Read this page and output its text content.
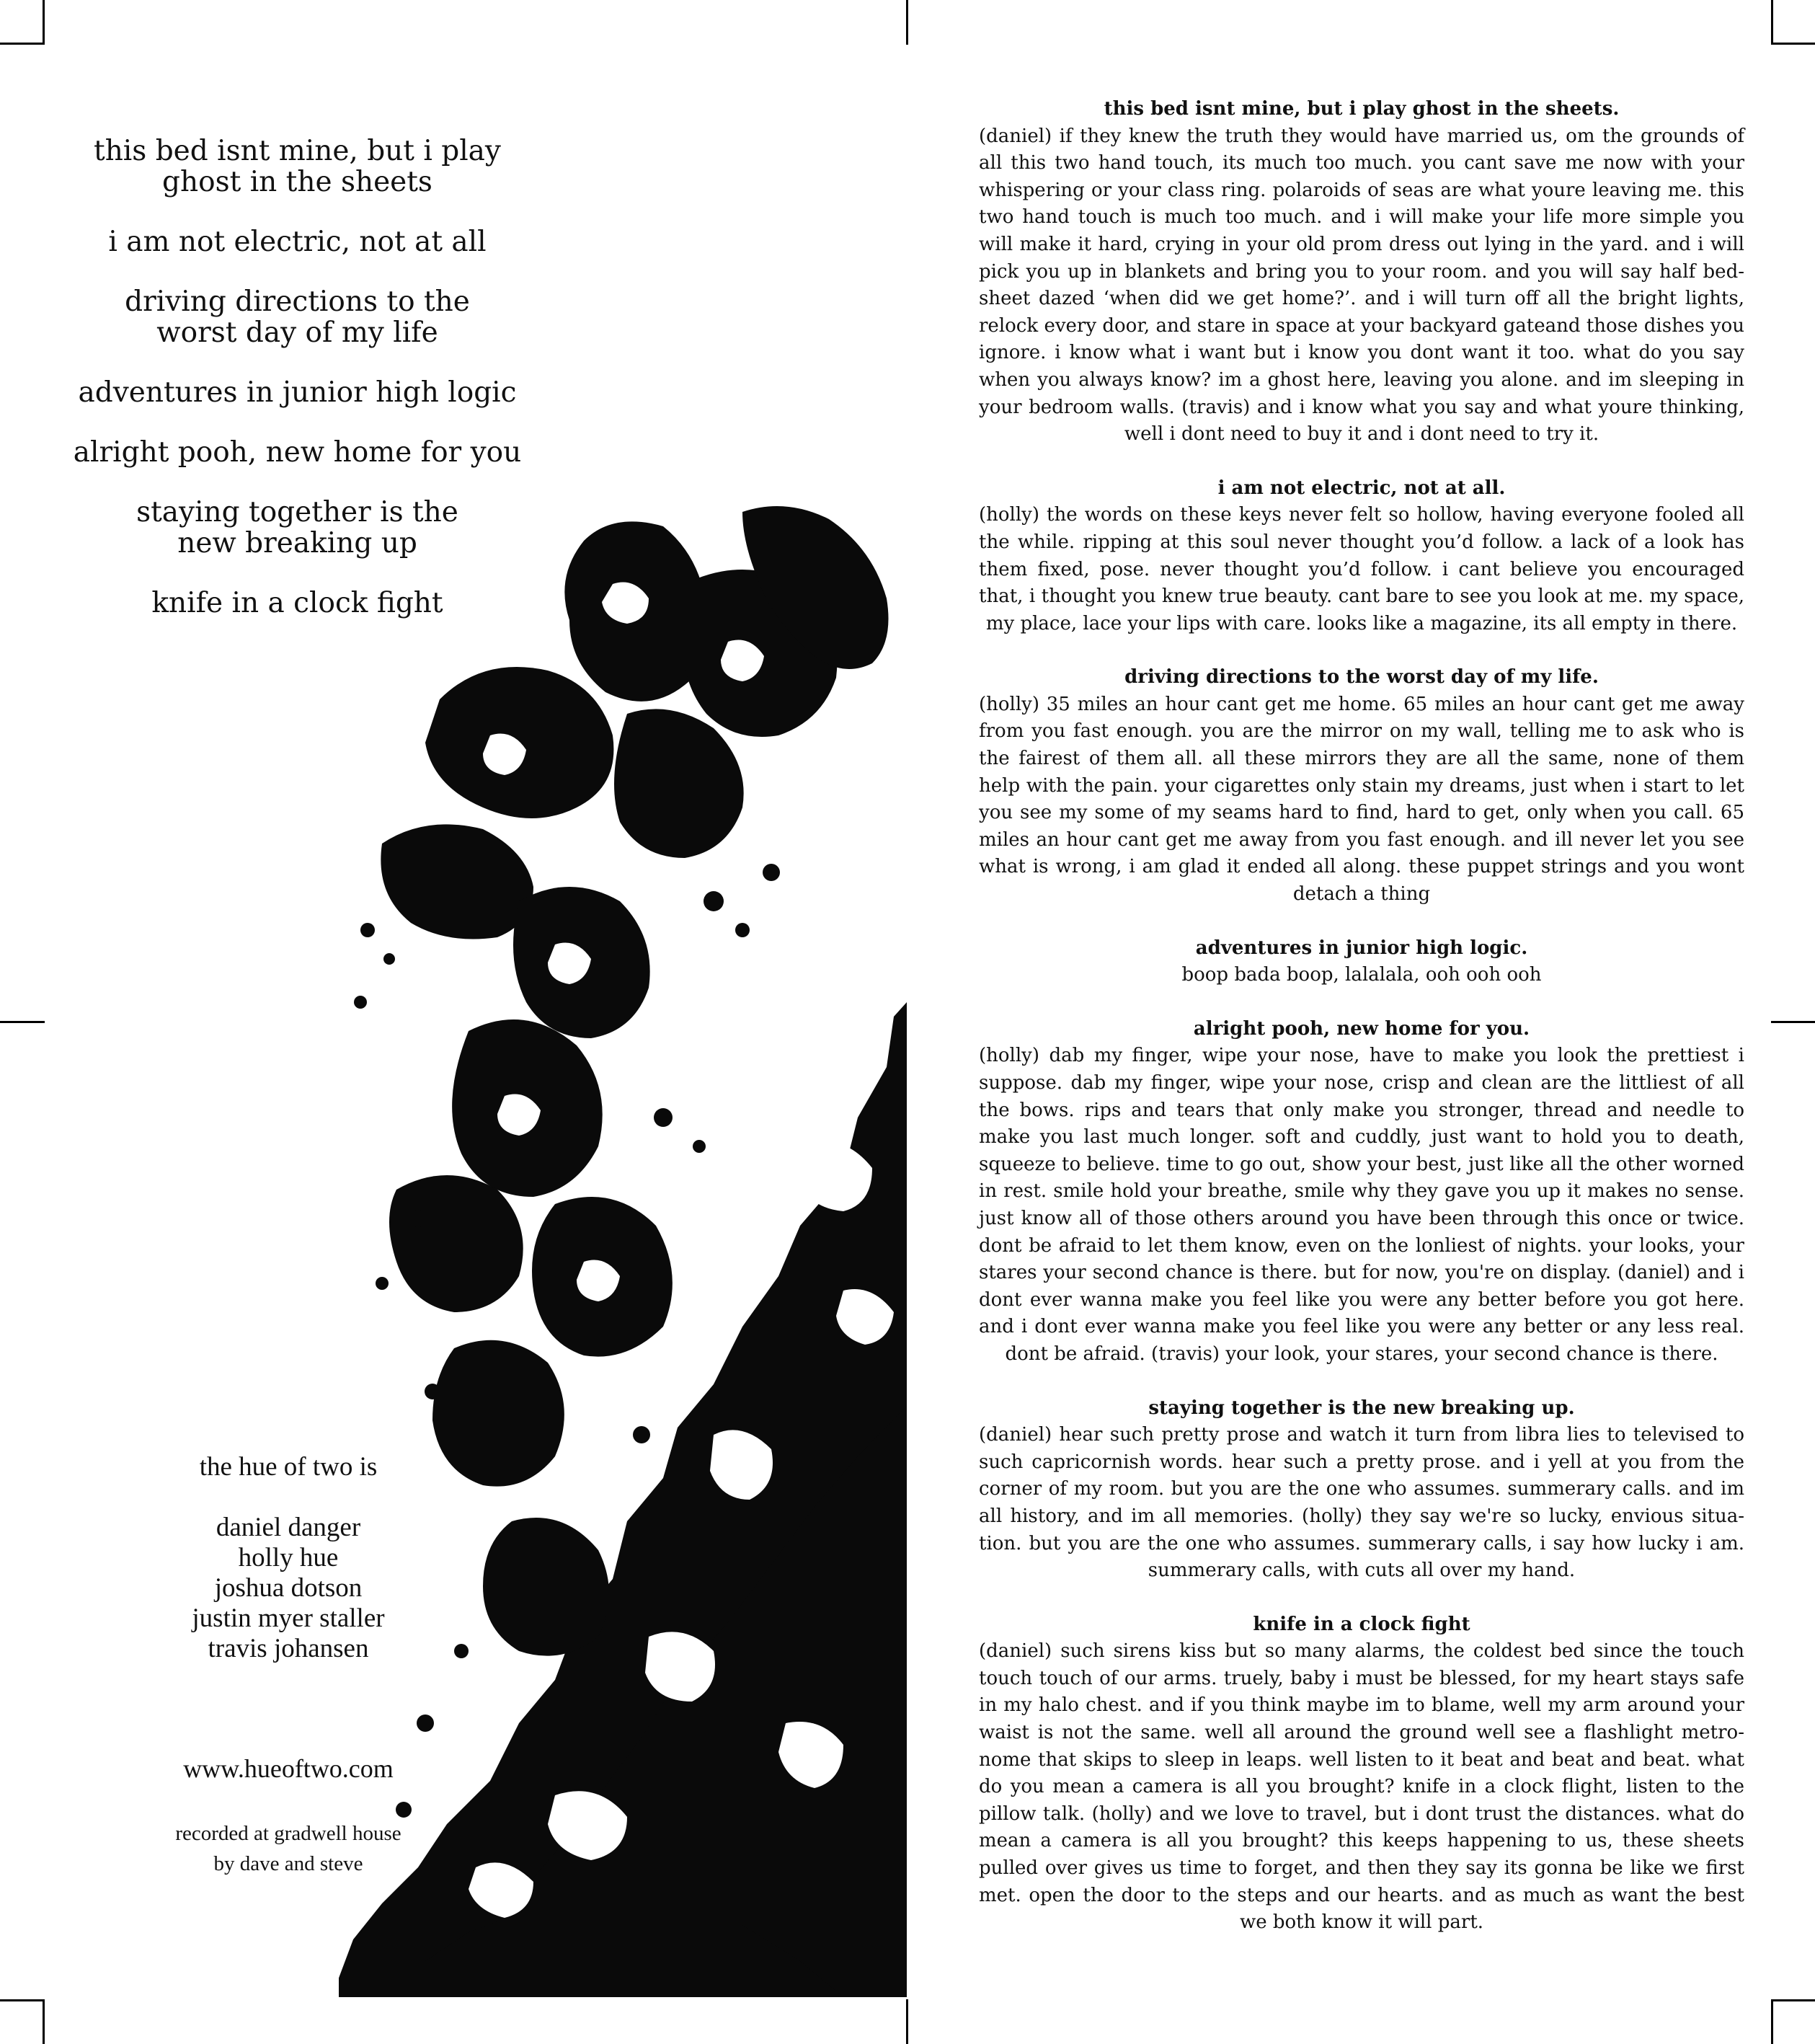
this bed isnt mine, but i play
ghost in the sheets
i am not electric, not at all
driving directions to the
worst day of my life
adventures in junior high logic
alright pooh, new home for you
staying together is the
new breaking up
knife in a clock fight
the hue of two is
daniel danger
holly hue
joshua dotson
justin myer staller
travis johansen
www.hueoftwo.com
recorded at gradwell house
by dave and steve
this bed isnt mine, but i play ghost in the sheets.
(daniel) if they knew the truth they would have married us, om the grounds of all this two hand touch, its much too much. you cant save me now with your whispering or your class ring. polaroids of seas are what youre leaving me. this two hand touch is much too much. and i will make your life more simple you will make it hard, crying in your old prom dress out lying in the yard. and i will pick you up in blankets and bring you to your room. and you will say half bed-sheet dazed ‘when did we get home?’. and i will turn off all the bright lights, relock every door, and stare in space at your backyard gateand those dishes you ignore. i know what i want but i know you dont want it too. what do you say when you always know? im a ghost here, leaving you alone. and im sleeping in your bedroom walls. (travis) and i know what you say and what youre thinking, well i dont need to buy it and i dont need to try it.
i am not electric, not at all.
(holly) the words on these keys never felt so hollow, having everyone fooled all the while. ripping at this soul never thought you’d follow. a lack of a look has them fixed, pose. never thought you’d follow. i cant believe you encouraged that, i thought you knew true beauty. cant bare to see you look at me. my space, my place, lace your lips with care. looks like a magazine, its all empty in there.
driving directions to the worst day of my life.
(holly) 35 miles an hour cant get me home. 65 miles an hour cant get me away from you fast enough. you are the mirror on my wall, telling me to ask who is the fairest of them all. all these mirrors they are all the same, none of them help with the pain. your cigarettes only stain my dreams, just when i start to let you see my some of my seams hard to find, hard to get, only when you call. 65 miles an hour cant get me away from you fast enough. and ill never let you see what is wrong, i am glad it ended all along. these puppet strings and you wont detach a thing
adventures in junior high logic.
boop bada boop, lalalala, ooh ooh ooh
alright pooh, new home for you.
(holly) dab my finger, wipe your nose, have to make you look the prettiest i suppose. dab my finger, wipe your nose, crisp and clean are the littliest of all the bows. rips and tears that only make you stronger, thread and needle to make you last much longer. soft and cuddly, just want to hold you to death, squeeze to believe. time to go out, show your best, just like all the other worned in rest. smile hold your breathe, smile why they gave you up it makes no sense. just know all of those others around you have been through this once or twice. dont be afraid to let them know, even on the lonliest of nights. your looks, your stares your second chance is there. but for now, you're on display. (daniel) and i dont ever wanna make you feel like you were any better before you got here. and i dont ever wanna make you feel like you were any better or any less real. dont be afraid. (travis) your look, your stares, your second chance is there.
staying together is the new breaking up.
(daniel) hear such pretty prose and watch it turn from libra lies to televised to such capricornish words. hear such a pretty prose. and i yell at you from the corner of my room. but you are the one who assumes. summerary calls. and im all history, and im all memories. (holly) they say we're so lucky, envious situa-tion. but you are the one who assumes. summerary calls, i say how lucky i am. summerary calls, with cuts all over my hand.
knife in a clock fight
(daniel) such sirens kiss but so many alarms, the coldest bed since the touch touch touch of our arms. truely, baby i must be blessed, for my heart stays safe in my halo chest. and if you think maybe im to blame, well my arm around your waist is not the same. well all around the ground well see a flashlight metro-nome that skips to sleep in leaps. well listen to it beat and beat and beat. what do you mean a camera is all you brought? knife in a clock flight, listen to the pillow talk. (holly) and we love to travel, but i dont trust the distances. what do mean a camera is all you brought? this keeps happening to us, these sheets pulled over gives us time to forget, and then they say its gonna be like we first met. open the door to the steps and our hearts. and as much as want the best we both know it will part.
